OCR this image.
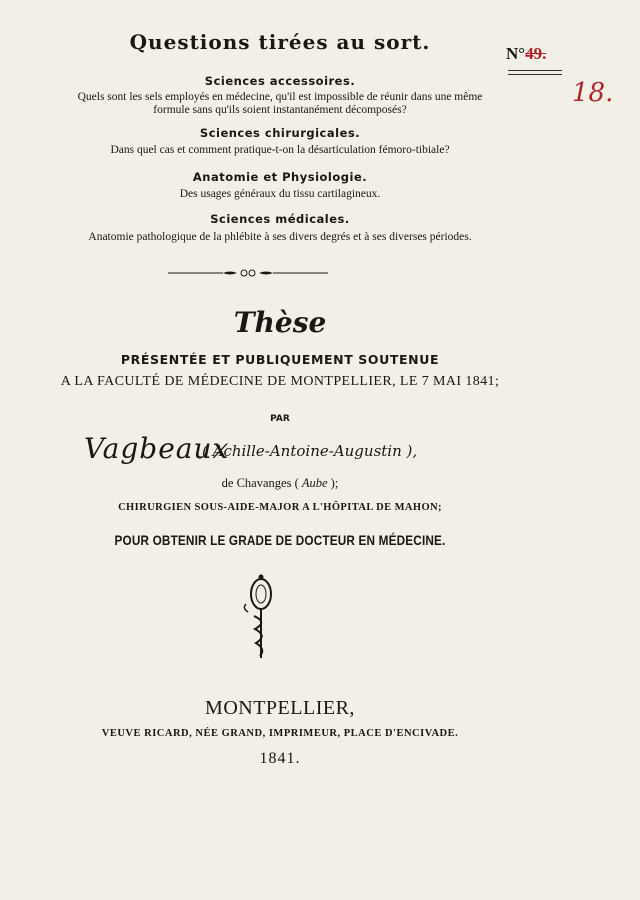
Questions tirées au sort.	N°49.
18.
Sciences accessoires.
Quels sont les sels employés en médecine, qu'il est impossible de réunir dans une même
formule sans qu'ils soient instantanément décomposés?
Sciences chirurgicales.
Dans quel cas et comment pratique-t-on la désarticulation fémoro-tibiale?
Anatomie et Physiologie.
Des usages généraux du tissu cartilagineux.
Sciences médicales.
Anatomie pathologique de la phlébite à ses divers degrés et à ses diverses périodes.
Thèse
PRÉSENTÉE ET PUBLIQUEMENT SOUTENUE
A LA FACULTÉ DE MÉDECINE DE MONTPELLIER, LE 7 MAI 1841;
PAR
Vagbeaux
( Achille-Antoine-Augustin ),
de Chavanges ( Aube );
CHIRURGIEN SOUS-AIDE-MAJOR A L'HÔPITAL DE MAHON;
POUR OBTENIR LE GRADE DE DOCTEUR EN MÉDECINE.
MONTPELLIER,
VEUVE RICARD, NÉE GRAND, IMPRIMEUR, PLACE D'ENCIVADE.
1841.
